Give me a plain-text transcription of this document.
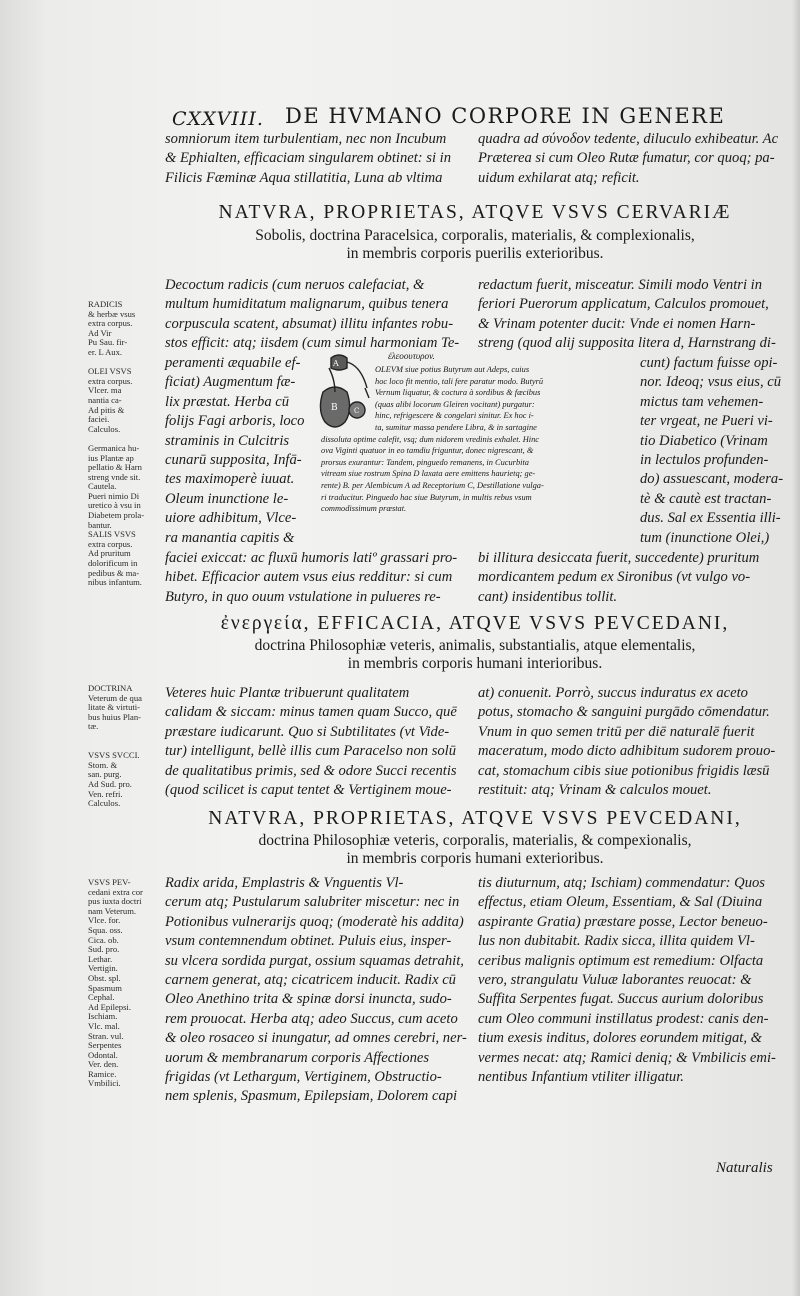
CXXVIII. DE HVMANO CORPORE IN GENERE
somniorum item turbulentiam, nec non Incubum
& Ephialten, efficaciam singularem obtinet: si in
Filicis Fæminæ Aqua stillatitia, Luna ab vltima
quadra ad σύνοδον tedente, diluculo exhibeatur. Ac
Præterea si cum Oleo Rutæ fumatur, cor quoq; pa-
uidum exhilarat atq; reficit.
NATVRA, PROPRIETAS, ATQVE VSVS CERVARIÆ
Sobolis, doctrina Paracelsica, corporalis, materialis, & complexionalis,
in membris corporis puerilis exterioribus.
RADICIS
& herbæ vsus
extra corpus.
Ad Vir
Pu Sau. fir-
er. L Aux.
OLEI VSVS
extra corpus.
Vlcer. ma
nantia ca-
Ad pitis &
faciei.
Calculos.
Germanica hu-
ius Plantæ ap
pellatio & Harn
streng vnde sit.
Cautela.
Pueri nimio Di
uretico à vsu in
Diabetem prola-
bantur.
SALIS VSVS
extra corpus.
Ad pruritum
dolorificum in
pedibus & ma-
nibus infantum.
Decoctum radicis (cum neruos calefaciat, &
multum humiditatum malignarum, quibus tenera
corpuscula scatent, absumat) illitu infantes robu-
stos efficit: atq; iisdem (cum simul harmoniam Te-
peramenti æquabile ef-
ficiat) Augmentum fæ-
lix præstat. Herba cū
folijs Fagi arboris, loco
straminis in Culcitris
cunarū supposita, Infā-
tes maximoperè iuuat.
Oleum inunctione le-
uiore adhibitum, Vlce-
ra manantia capitis &
faciei exiccat: ac fluxū humoris latiº grassari pro-
hibet. Efficacior autem vsus eius redditur: si cum
Butyro, in quo ouum vstulatione in pulueres re-
redactum fuerit, misceatur. Simili modo Ventri in
feriori Puerorum applicatum, Calculos promouet,
& Vrinam potenter ducit: Vnde ei nomen Harn-
streng (quod alij supposita litera d, Harnstrang di-
cunt) factum fuisse opi-
nor. Ideoq; vsus eius, cū
mictus tam vehemen-
ter vrgeat, ne Pueri vi-
tio Diabetico (Vrinam
in lectulos profunden-
do) assuescant, modera-
tè & cautè est tractan-
dus. Sal ex Essentia illi-
tum (inunctione Olei,)
bi illitura desiccata fuerit, succedente) pruritum
mordicantem pedum ex Sironibus (vt vulgo vo-
cant) insidentibus tollit.
A
B C
ἐλεοουτυροv.
OLEVM siue potius Butyrum aut Adeps, cuius
hoc loco fit mentio, tali fere paratur modo. Butyrū
Vernum liquatur, & coctura à sordibus & fæcibus
(quas alibi locorum Gleiren vocitant) purgatur:
hinc, refrigescere & congelari sinitur. Ex hoc i-
ta, sumitur massa pendere Libra, & in sartagine
dissoluta optime calefit, vsq; dum nidorem vredinis exhalet. Hinc
ova Viginti quatuor in eo tamdiu friguntur, donec nigrescant, &
prorsus exurantur: Tandem, pinguedo remanens, in Cucurbita
vitream siue rostrum Spina D laxata aere emittens haurietq; ge-
rente) B. per Alembicum A ad Receptorium C, Destillatione vulga-
ri traducitur. Pinguedo hac siue Butyrum, in multis rebus vsum
commodissimum præstat.
ἐνεργεία, EFFICACIA, ATQVE VSVS PEVCEDANI,
doctrina Philosophiæ veteris, animalis, substantialis, atque elementalis,
in membris corporis humani interioribus.
DOCTRINA
Veterum de qua
litate & virtuti-
bus huius Plan-
tæ.
VSVS SVCCI.
Stom. &
san. purg.
Ad Sud. pro.
Ven. refri.
Calculos.
Veteres huic Plantæ tribuerunt qualitatem
calidam & siccam: minus tamen quam Succo, quē
præstare iudicarunt. Quo si Subtilitates (vt Vide-
tur) intelligunt, bellè illis cum Paracelso non solū
de qualitatibus primis, sed & odore Succi recentis
(quod scilicet is caput tentet & Vertiginem moue-
at) conuenit. Porrò, succus induratus ex aceto
potus, stomacho & sanguini purgādo cōmendatur.
Vnum in quo semen tritū per diē naturalē fuerit
maceratum, modo dicto adhibitum sudorem prouo-
cat, stomachum cibis siue potionibus frigidis læsū
restituit: atq; Vrinam & calculos mouet.
NATVRA, PROPRIETAS, ATQVE VSVS PEVCEDANI,
doctrina Philosophiæ veteris, corporalis, materialis, & compexionalis,
in membris corporis humani exterioribus.
VSVS PEV-
cedani extra cor
pus iuxta doctri
nam Veterum.
Vlce. for.
Squa. oss.
Cica. ob.
Sud. pro.
Lethar.
Vertigin.
Obst. spl.
Spasmum
Cephal.
Ad Epilepsi.
Ischiam.
Vlc. mal.
Stran. vul.
Serpentes
Odontal.
Ver. den.
Ramice.
Vmbilici.
Radix arida, Emplastris & Vnguentis Vl-
cerum atq; Pustularum salubriter miscetur: nec in
Potionibus vulnerarijs quoq; (moderatè his addita)
vsum contemnendum obtinet. Puluis eius, insper-
su vlcera sordida purgat, ossium squamas detrahit,
carnem generat, atq; cicatricem inducit. Radix cū
Oleo Anethino trita & spinæ dorsi inuncta, sudo-
rem prouocat. Herba atq; adeo Succus, cum aceto
& oleo rosaceo si inungatur, ad omnes cerebri, ner-
uorum & membranarum corporis Affectiones
frigidas (vt Lethargum, Vertiginem, Obstructio-
nem splenis, Spasmum, Epilepsiam, Dolorem capi
tis diuturnum, atq; Ischiam) commendatur: Quos
effectus, etiam Oleum, Essentiam, & Sal (Diuina
aspirante Gratia) præstare posse, Lector beneuo-
lus non dubitabit. Radix sicca, illita quidem Vl-
ceribus malignis optimum est remedium: Olfacta
vero, strangulatu Vuluæ laborantes reuocat: &
Suffita Serpentes fugat. Succus aurium doloribus
cum Oleo communi instillatus prodest: canis den-
tium exesis inditus, dolores eorundem mitigat, &
vermes necat: atq; Ramici deniq; & Vmbilicis emi-
nentibus Infantium vtiliter illigatur.
Naturalis
